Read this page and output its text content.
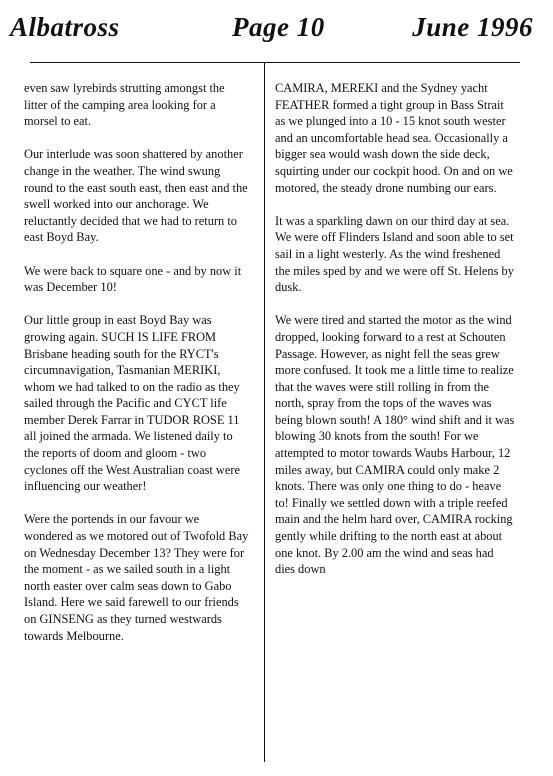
Albatross	Page 10	June 1996

even saw lyrebirds strutting amongst the litter of the camping area looking for a morsel to eat.

Our interlude was soon shattered by another change in the weather. The wind swung round to the east south east, then east and the swell worked into our anchorage. We reluctantly decided that we had to return to east Boyd Bay.

We were back to square one - and by now it was December 10!

Our little group in east Boyd Bay was growing again. SUCH IS LIFE FROM Brisbane heading south for the RYCT's circumnavigation, Tasmanian MERIKI, whom we had talked to on the radio as they sailed through the Pacific and CYCT life member Derek Farrar in TUDOR ROSE 11 all joined the armada. We listened daily to the reports of doom and gloom - two cyclones off the West Australian coast were influencing our weather!

Were the portends in our favour we wondered as we motored out of Twofold Bay on Wednesday December 13? They were for the moment - as we sailed south in a light north easter over calm seas down to Gabo Island. Here we said farewell to our friends on GINSENG as they turned westwards towards Melbourne.

CAMIRA, MEREKI and the Sydney yacht FEATHER formed a tight group in Bass Strait as we plunged into a 10 - 15 knot south wester and an uncomfortable head sea. Occasionally a bigger sea would wash down the side deck, squirting under our cockpit hood. On and on we motored, the steady drone numbing our ears.

It was a sparkling dawn on our third day at sea. We were off Flinders Island and soon able to set sail in a light westerly. As the wind freshened the miles sped by and we were off St. Helens by dusk.

We were tired and started the motor as the wind dropped, looking forward to a rest at Schouten Passage. However, as night fell the seas grew more confused. It took me a little time to realize that the waves were still rolling in from the north, spray from the tops of the waves was being blown south! A 180° wind shift and it was blowing 30 knots from the south! For we attempted to motor towards Waubs Harbour, 12 miles away, but CAMIRA could only make 2 knots. There was only one thing to do - heave to! Finally we settled down with a triple reefed main and the helm hard over, CAMIRA rocking gently while drifting to the north east at about one knot. By 2.00 am the wind and seas had dies down
